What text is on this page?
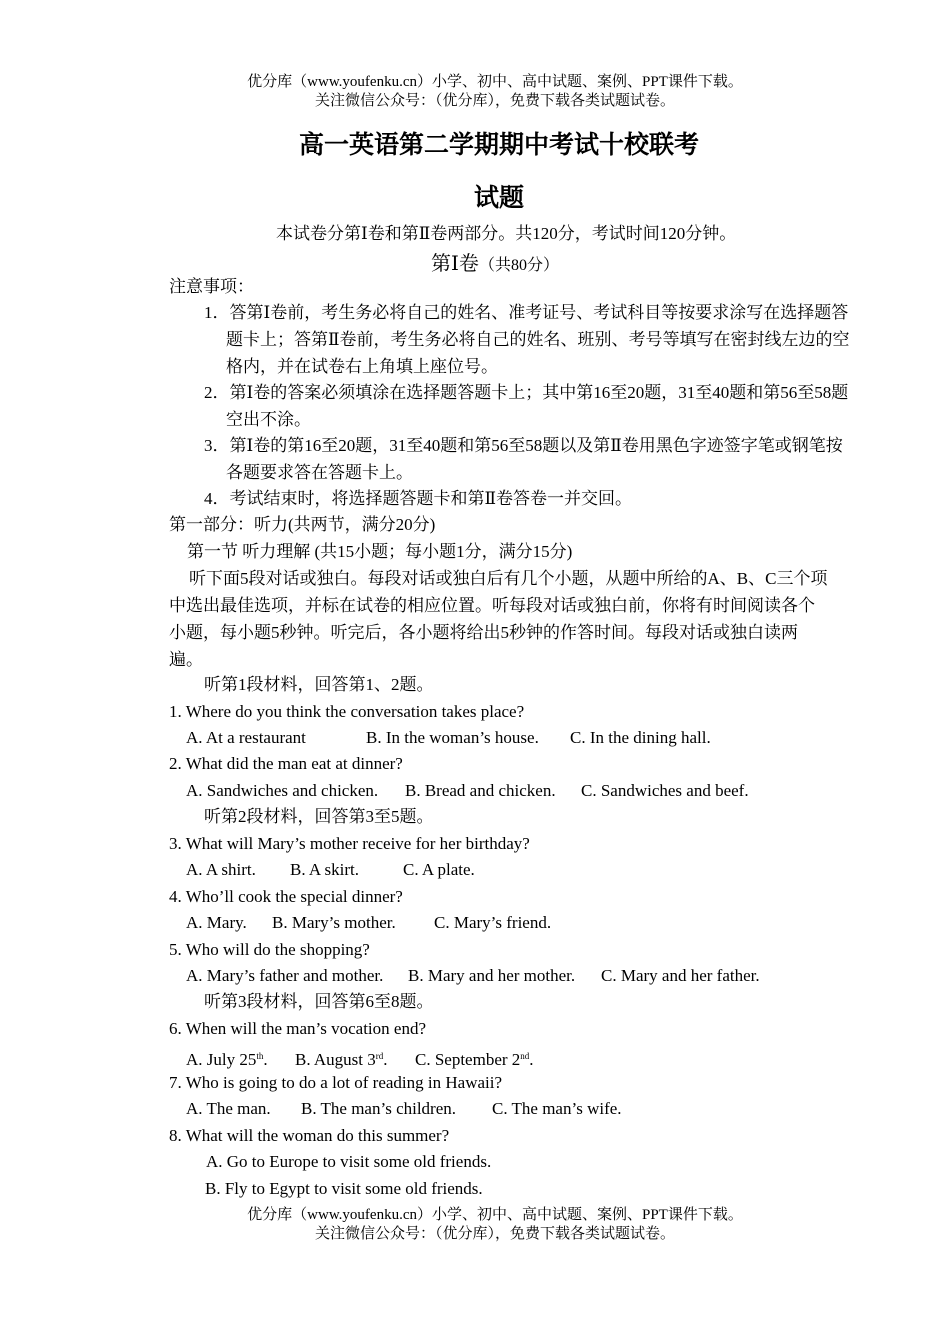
优分库（www.youfenku.cn）小学、初中、高中试题、案例、PPT课件下载。
关注微信公众号：（优分库），免费下载各类试题试卷。
高一英语第二学期期中考试十校联考
试题
本试卷分第Ⅰ卷和第Ⅱ卷两部分。共120分，考试时间120分钟。
第Ⅰ卷（共80分）
注意事项：
1．答第Ⅰ卷前，考生务必将自己的姓名、准考证号、考试科目等按要求涂写在选择题答题卡上；答第Ⅱ卷前，考生务必将自己的姓名、班别、考号等填写在密封线左边的空格内，并在试卷右上角填上座位号。
2．第Ⅰ卷的答案必须填涂在选择题答题卡上；其中第16至20题，31至40题和第56至58题空出不涂。
3．第Ⅰ卷的第16至20题，31至40题和第56至58题以及第Ⅱ卷用黑色字迹签字笔或钢笔按各题要求答在答题卡上。
4．考试结束时，将选择题答题卡和第Ⅱ卷答卷一并交回。
第一部分：听力(共两节，满分20分)
第一节 听力理解 (共15小题；每小题1分，满分15分)
听下面5段对话或独白。每段对话或独白后有几个小题，从题中所给的A、B、C三个项中选出最佳选项，并标在试卷的相应位置。听每段对话或独白前，你将有时间阅读各个小题，每小题5秒钟。听完后，各小题将给出5秒钟的作答时间。每段对话或独白读两遍。
听第1段材料，回答第1、2题。
1. Where do you think the conversation takes place?
A. At a restaurant	B. In the woman’s house. C. In the dining hall.
2. What did the man eat at dinner?
A. Sandwiches and chicken. B. Bread and chicken. C. Sandwiches and beef.
听第2段材料，回答第3至5题。
3. What will Mary’s mother receive for her birthday?
A. A shirt. B. A skirt.	C. A plate.
4. Who’ll cook the special dinner?
A. Mary. B. Mary’s mother. C. Mary’s friend.
5. Who will do the shopping?
A. Mary’s father and mother. B. Mary and her mother. C. Mary and her father.
听第3段材料，回答第6至8题。
6. When will the man’s vocation end?
A. July 25th. B. August 3rd. C. September 2nd.
7. Who is going to do a lot of reading in Hawaii?
A. The man. B. The man’s children. C. The man’s wife.
8. What will the woman do this summer?
A. Go to Europe to visit some old friends.
B. Fly to Egypt to visit some old friends.
优分库（www.youfenku.cn）小学、初中、高中试题、案例、PPT课件下载。
关注微信公众号：（优分库），免费下载各类试题试卷。
